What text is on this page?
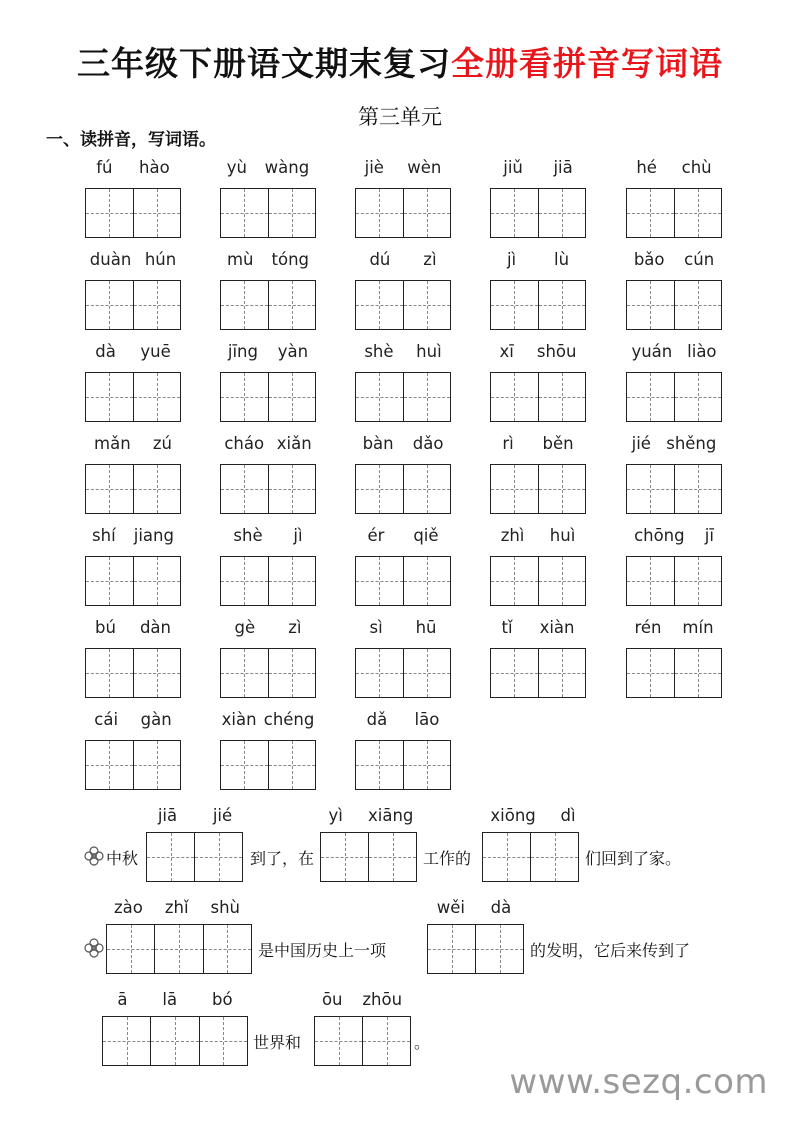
三年级下册语文期末复习全册看拼音写词语
第三单元
一、读拼音，写词语。
fú hào	yù wàng	jiè wèn	jiǔ jiā	hé chù
duàn hún	mù tóng	dú zì	jì lù	bǎo cún
dà yuē	jīng yàn	shè huì	xī shōu	yuán liào
mǎn zú	cháo xiǎn	bàn dǎo	rì běn	jié shěng
shí jiang	shè jì	ér qiě	zhì huì	chōng jī
bú dàn	gè zì	sì hū	tǐ xiàn	rén mín
cái gàn	xiàn chéng	dǎ lāo
中秋	到了，在	工作的	们回到了家。
jiā jié	yì xiāng	xiōng dì
是中国历史上一项	的发明，它后来传到了
zào zhǐ shù	wěi dà
世界和	。
ā lā bó	ōu zhōu
www.sezq.com
